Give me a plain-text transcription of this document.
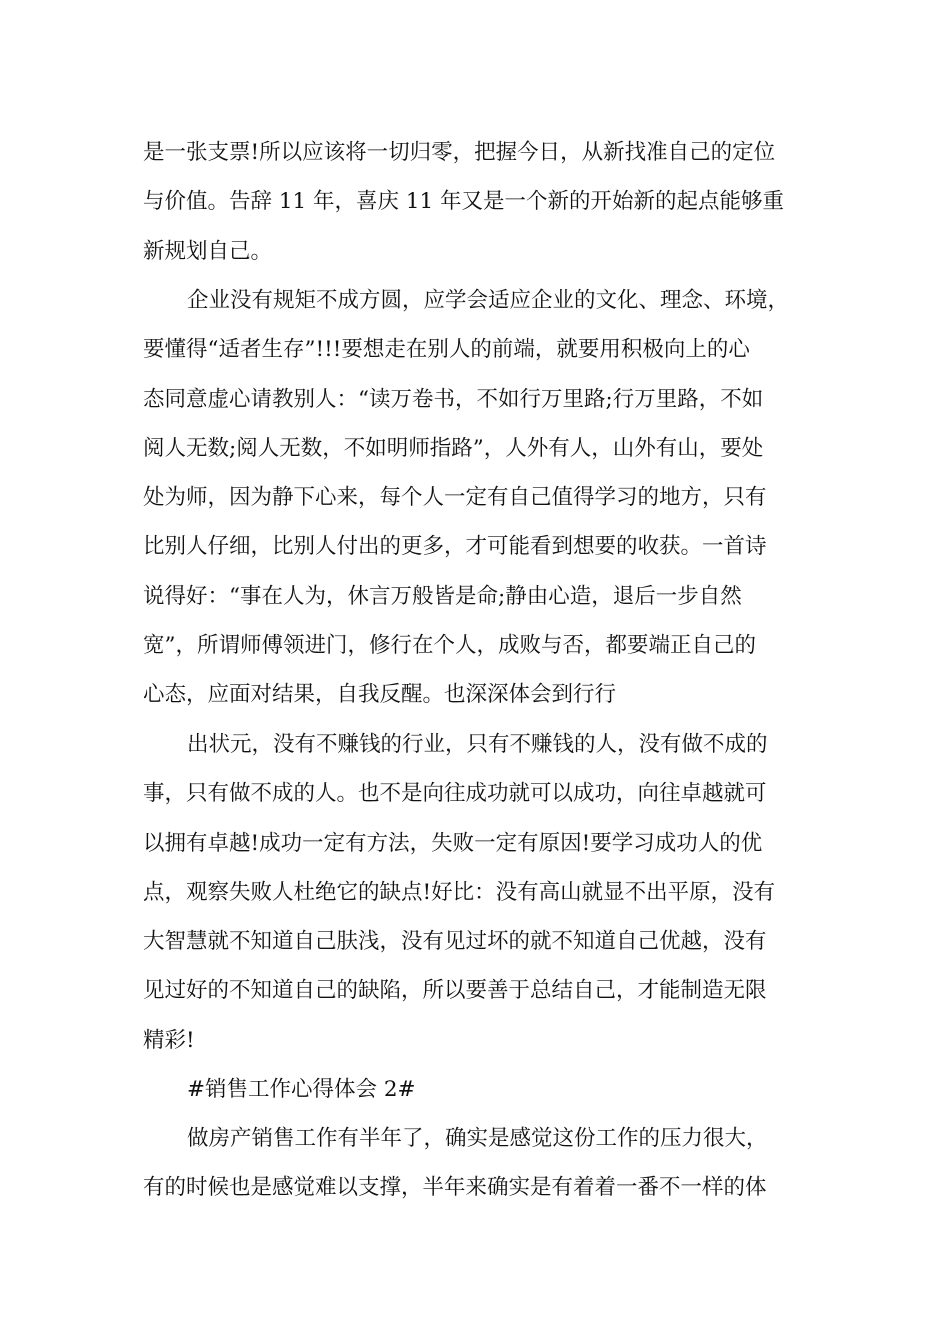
是一张支票!所以应该将一切归零，把握今日，从新找准自己的定位
与价值。告辞 11 年，喜庆 11 年又是一个新的开始新的起点能够重
新规划自己。
企业没有规矩不成方圆，应学会适应企业的文化、理念、环境，
要懂得“适者生存”!!!要想走在别人的前端，就要用积极向上的心
态同意虚心请教别人：“读万卷书，不如行万里路;行万里路，不如
阅人无数;阅人无数，不如明师指路”，人外有人，山外有山，要处
处为师，因为静下心来，每个人一定有自己值得学习的地方，只有
比别人仔细，比别人付出的更多，才可能看到想要的收获。一首诗
说得好：“事在人为，休言万般皆是命;静由心造，退后一步自然
宽”，所谓师傅领进门，修行在个人，成败与否，都要端正自己的
心态，应面对结果，自我反醒。也深深体会到行行
出状元，没有不赚钱的行业，只有不赚钱的人，没有做不成的
事，只有做不成的人。也不是向往成功就可以成功，向往卓越就可
以拥有卓越!成功一定有方法，失败一定有原因!要学习成功人的优
点，观察失败人杜绝它的缺点!好比：没有高山就显不出平原，没有
大智慧就不知道自己肤浅，没有见过坏的就不知道自己优越，没有
见过好的不知道自己的缺陷，所以要善于总结自己，才能制造无限
精彩!
#销售工作心得体会 2#
做房产销售工作有半年了，确实是感觉这份工作的压力很大，
有的时候也是感觉难以支撑，半年来确实是有着着一番不一样的体
